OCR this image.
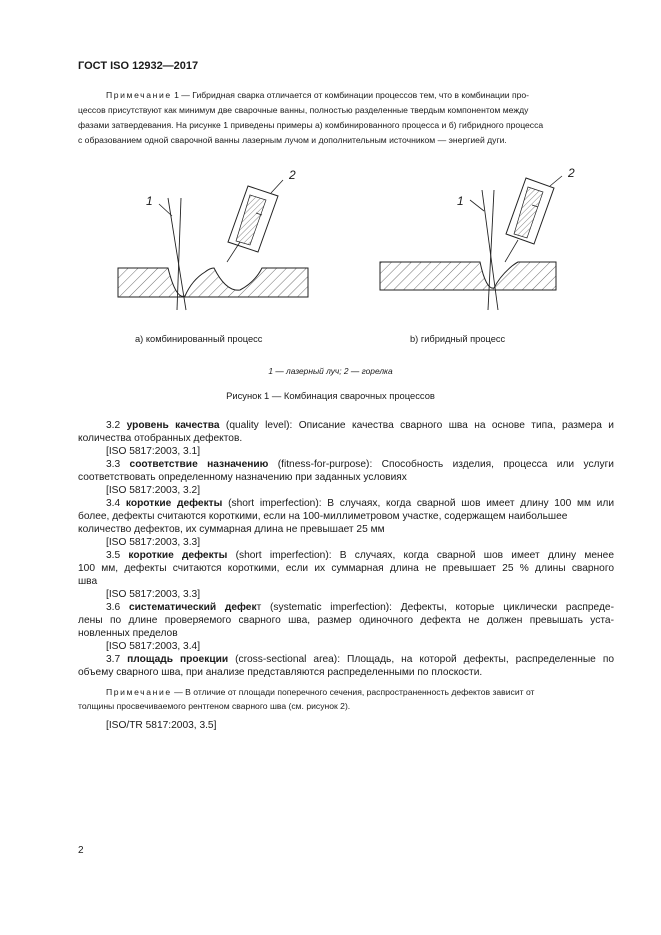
ГОСТ ISO 12932—2017
Примечание 1 — Гибридная сварка отличается от комбинации процессов тем, что в комбинации про-
цессов присутствуют как минимум две сварочные ванны, полностью разделенные твердым компонентом между
фазами затвердевания. На рисунке 1 приведены примеры а) комбинированного процесса и б) гибридного процесса
с образованием одной сварочной ванны лазерным лучом и дополнительным источником — энергией дуги.
1
2
1
2
а) комбинированный процесс	b) гибридный процесс
1 — лазерный луч; 2 — горелка
Рисунок 1 — Комбинация сварочных процессов
3.2 уровень качества (quality level): Описание качества сварного шва на основе типа, размера и
количества отобранных дефектов.
[ISO 5817:2003, 3.1]
3.3 соответствие назначению (fitness-for-purpose): Способность изделия, процесса или услуги
соответствовать определенному назначению при заданных условиях
[ISO 5817:2003, 3.2]
3.4 короткие дефекты (short imperfection): В случаях, когда сварной шов имеет длину 100 мм или
более, дефекты считаются короткими, если на 100-миллиметровом участке, содержащем наибольшее
количество дефектов, их суммарная длина не превышает 25 мм
[ISO 5817:2003, 3.3]
3.5 короткие дефекты (short imperfection): В случаях, когда сварной шов имеет длину менее
100 мм, дефекты считаются короткими, если их суммарная длина не превышает 25 % длины сварного
шва
[ISO 5817:2003, 3.3]
3.6 систематический дефект (systematic imperfection): Дефекты, которые циклически распреде-
лены по длине проверяемого сварного шва, размер одиночного дефекта не должен превышать уста-
новленных пределов
[ISO 5817:2003, 3.4]
3.7 площадь проекции (cross-sectional area): Площадь, на которой дефекты, распределенные по
объему сварного шва, при анализе представляются распределенными по плоскости.
Примечание — В отличие от площади поперечного сечения, распространенность дефектов зависит от
толщины просвечиваемого рентгеном сварного шва (см. рисунок 2).
[ISO/TR 5817:2003, 3.5]
2
